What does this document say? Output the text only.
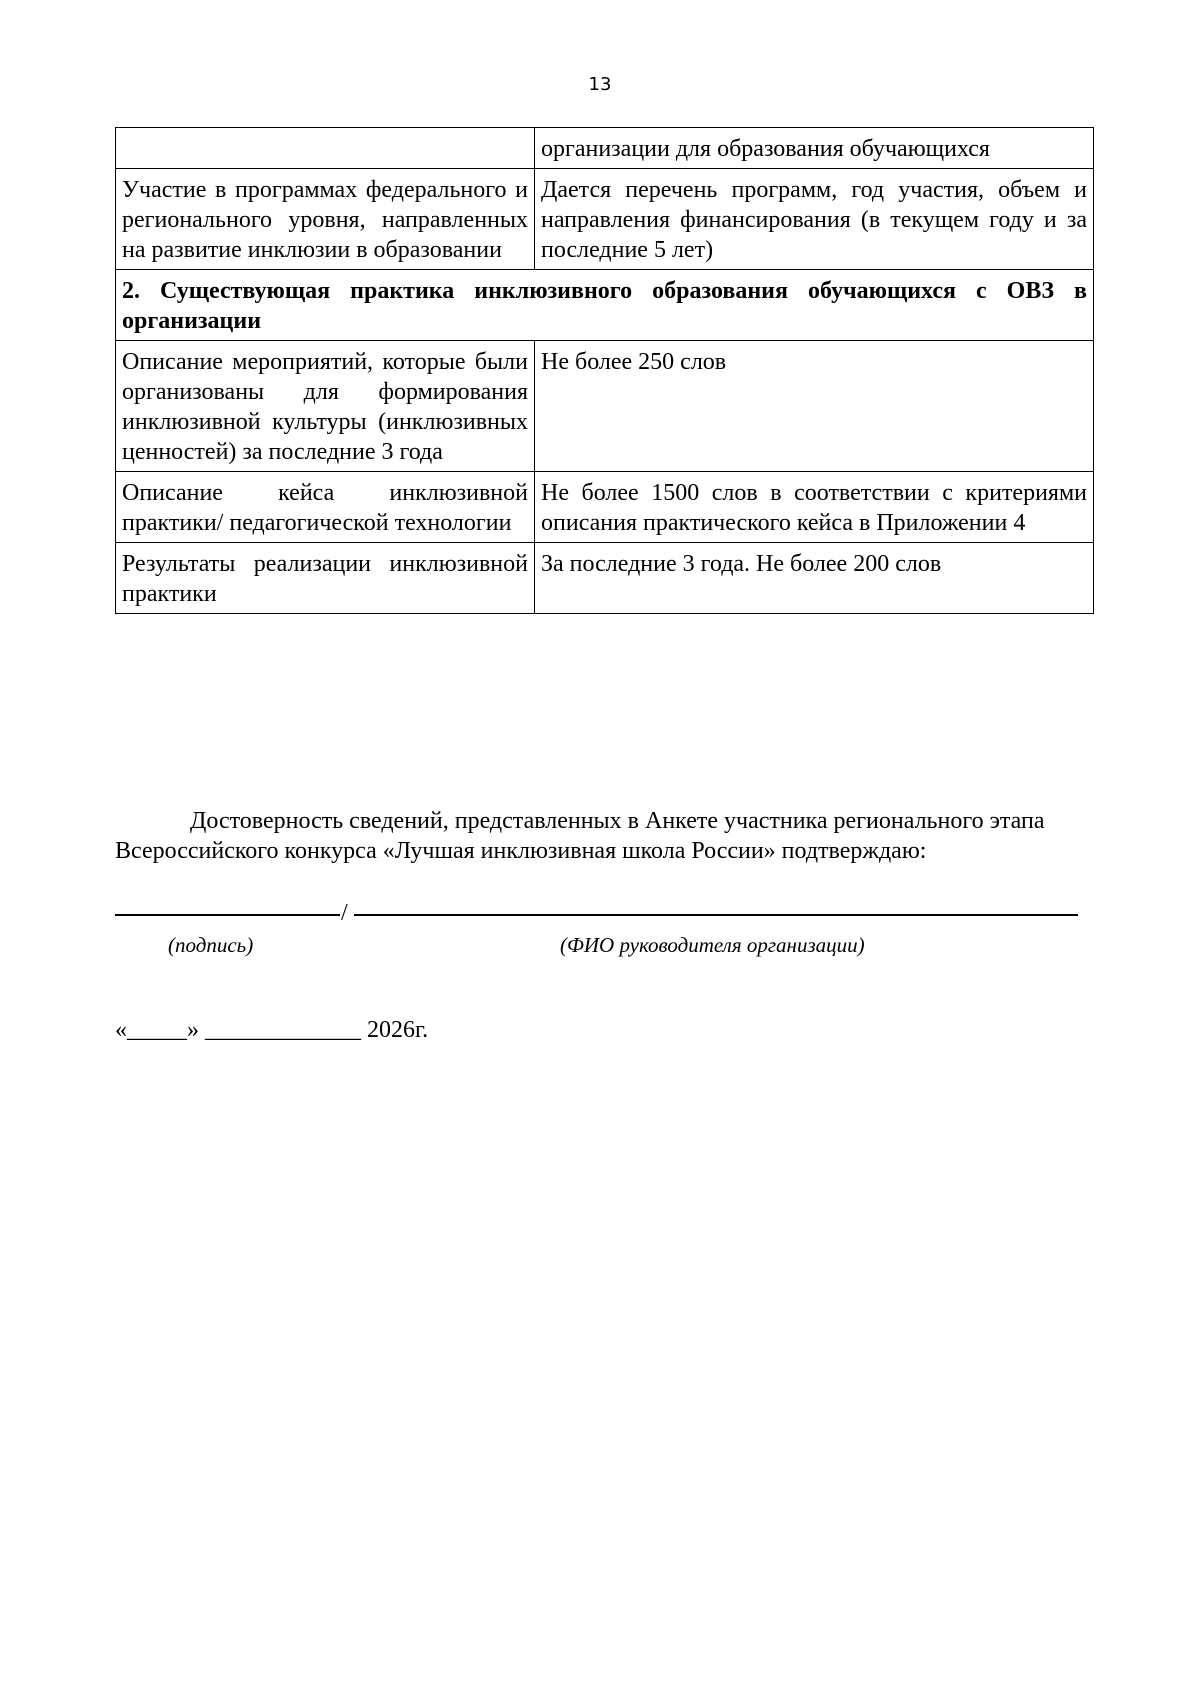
13
	организации для образования обучающихся
Участие в программах федерального и регионального уровня, направленных на развитие инклюзии в образовании	Дается перечень программ, год участия, объем и направления финансирования (в текущем году и за последние 5 лет)
2. Существующая практика инклюзивного образования обучающихся с ОВЗ в организации	
Описание мероприятий, которые были организованы для формирования инклюзивной культуры (инклюзивных ценностей) за последние 3 года	Не более 250 слов
Описание кейса инклюзивной практики/ педагогической технологии	Не более 1500 слов в соответствии с критериями описания практического кейса в Приложении 4
Результаты реализации инклюзивной практики	За последние 3 года. Не более 200 слов

Достоверность сведений, представленных в Анкете участника регионального этапа Всероссийского конкурса «Лучшая инклюзивная школа России» подтверждаю:

/
(подпись)	(ФИО руководителя организации)
«_____» _____________ 2026г.
